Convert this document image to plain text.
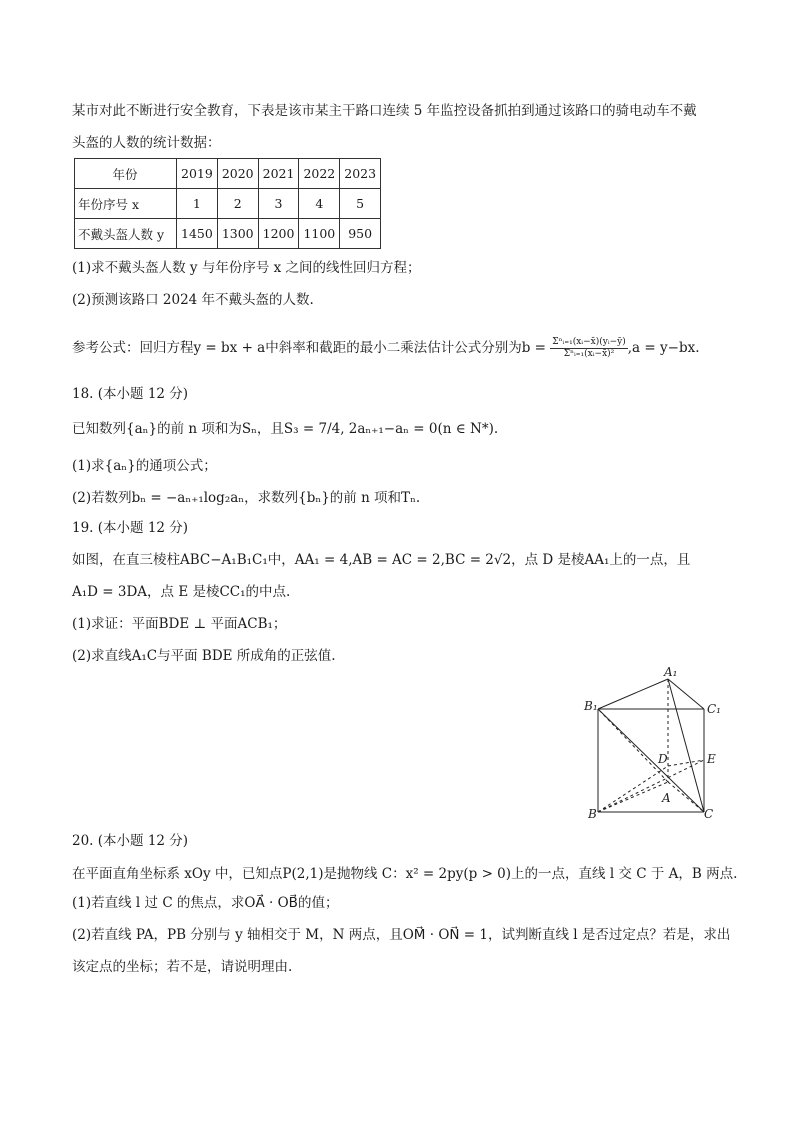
某市对此不断进行安全教育，下表是该市某主干路口连续 5 年监控设备抓拍到通过该路口的骑电动车不戴
头盔的人数的统计数据：
年份	2019	2020	2021	2022	2023
年份序号 x	1	2	3	4	5
不戴头盔人数 y	1450	1300	1200	1100	950
(1)求不戴头盔人数 y 与年份序号 x 之间的线性回归方程；
(2)预测该路口 2024 年不戴头盔的人数.
参考公式：回归方程y = bx + a中斜率和截距的最小二乘法估计公式分别为$b = \frac{\text{Σⁿᵢ₌₁(xᵢ−x̄)(yᵢ−ȳ)}}{\text{Σⁿᵢ₌₁(xᵢ−x̄)²}} ,a = y-bx$.
18. (本小题 12 分)
已知数列{aₙ}的前 n 项和为Sₙ，且S₃ = 7/4, 2aₙ₊₁−aₙ = 0(n ∈ N*).
(1)求{aₙ}的通项公式；
(2)若数列bₙ = −aₙ₊₁log₂aₙ，求数列{bₙ}的前 n 项和Tₙ.
19. (本小题 12 分)
如图，在直三棱柱ABC−A₁B₁C₁中，AA₁ = 4,AB = AC = 2,BC = 2√2，点 D 是棱AA₁上的一点，且
A₁D = 3DA，点 E 是棱CC₁的中点.
(1)求证：平面BDE ⊥ 平面ACB₁；
(2)求直线A₁C与平面 BDE 所成角的正弦值.
A₁
B₁	C₁
D	E
A
B	C
20. (本小题 12 分)
在平面直角坐标系 xOy 中，已知点P(2,1)是抛物线 C：x² = 2py(p > 0)上的一点，直线 l 交 C 于 A，B 两点.
(1)若直线 l 过 C 的焦点，求OA⃗ · OB⃗的值；
(2)若直线 PA，PB 分别与 y 轴相交于 M，N 两点，且OM⃗ · ON⃗ = 1，试判断直线 l 是否过定点？若是，求出
该定点的坐标；若不是，请说明理由.
